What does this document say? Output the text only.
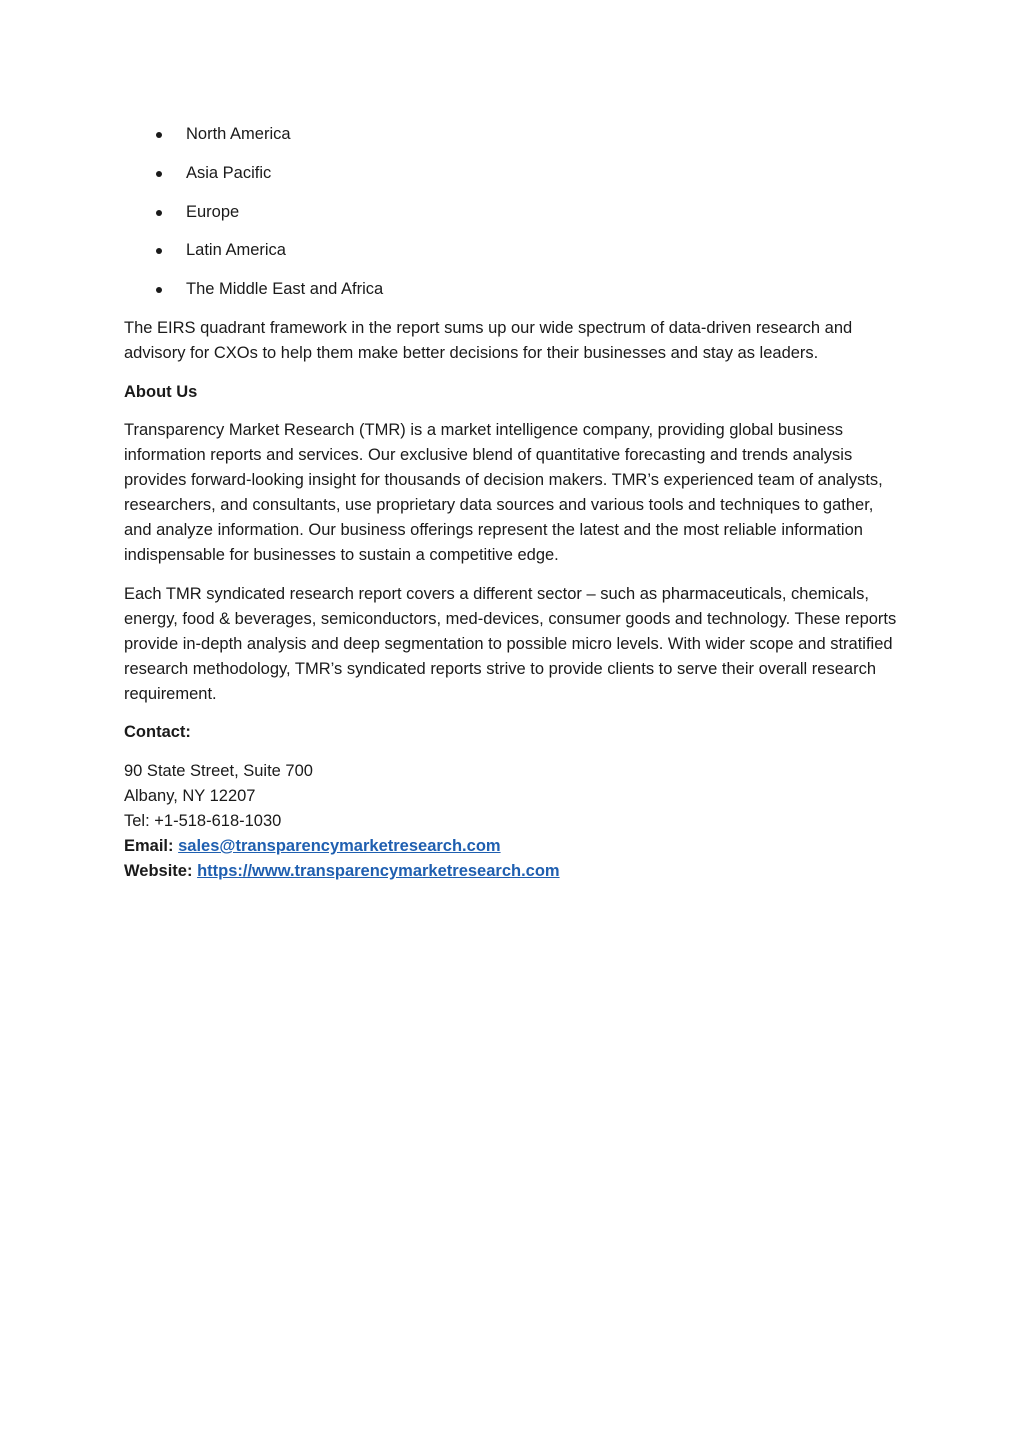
North America
Asia Pacific
Europe
Latin America
The Middle East and Africa

The EIRS quadrant framework in the report sums up our wide spectrum of data-driven research and advisory for CXOs to help them make better decisions for their businesses and stay as leaders.

About Us

Transparency Market Research (TMR) is a market intelligence company, providing global business information reports and services. Our exclusive blend of quantitative forecasting and trends analysis provides forward-looking insight for thousands of decision makers. TMR’s experienced team of analysts, researchers, and consultants, use proprietary data sources and various tools and techniques to gather, and analyze information. Our business offerings represent the latest and the most reliable information indispensable for businesses to sustain a competitive edge.

Each TMR syndicated research report covers a different sector – such as pharmaceuticals, chemicals, energy, food & beverages, semiconductors, med-devices, consumer goods and technology. These reports provide in-depth analysis and deep segmentation to possible micro levels. With wider scope and stratified research methodology, TMR’s syndicated reports strive to provide clients to serve their overall research requirement.

Contact:

90 State Street, Suite 700
Albany, NY 12207
Tel: +1-518-618-1030
Email: sales@transparencymarketresearch.com
Website: https://www.transparencymarketresearch.com
